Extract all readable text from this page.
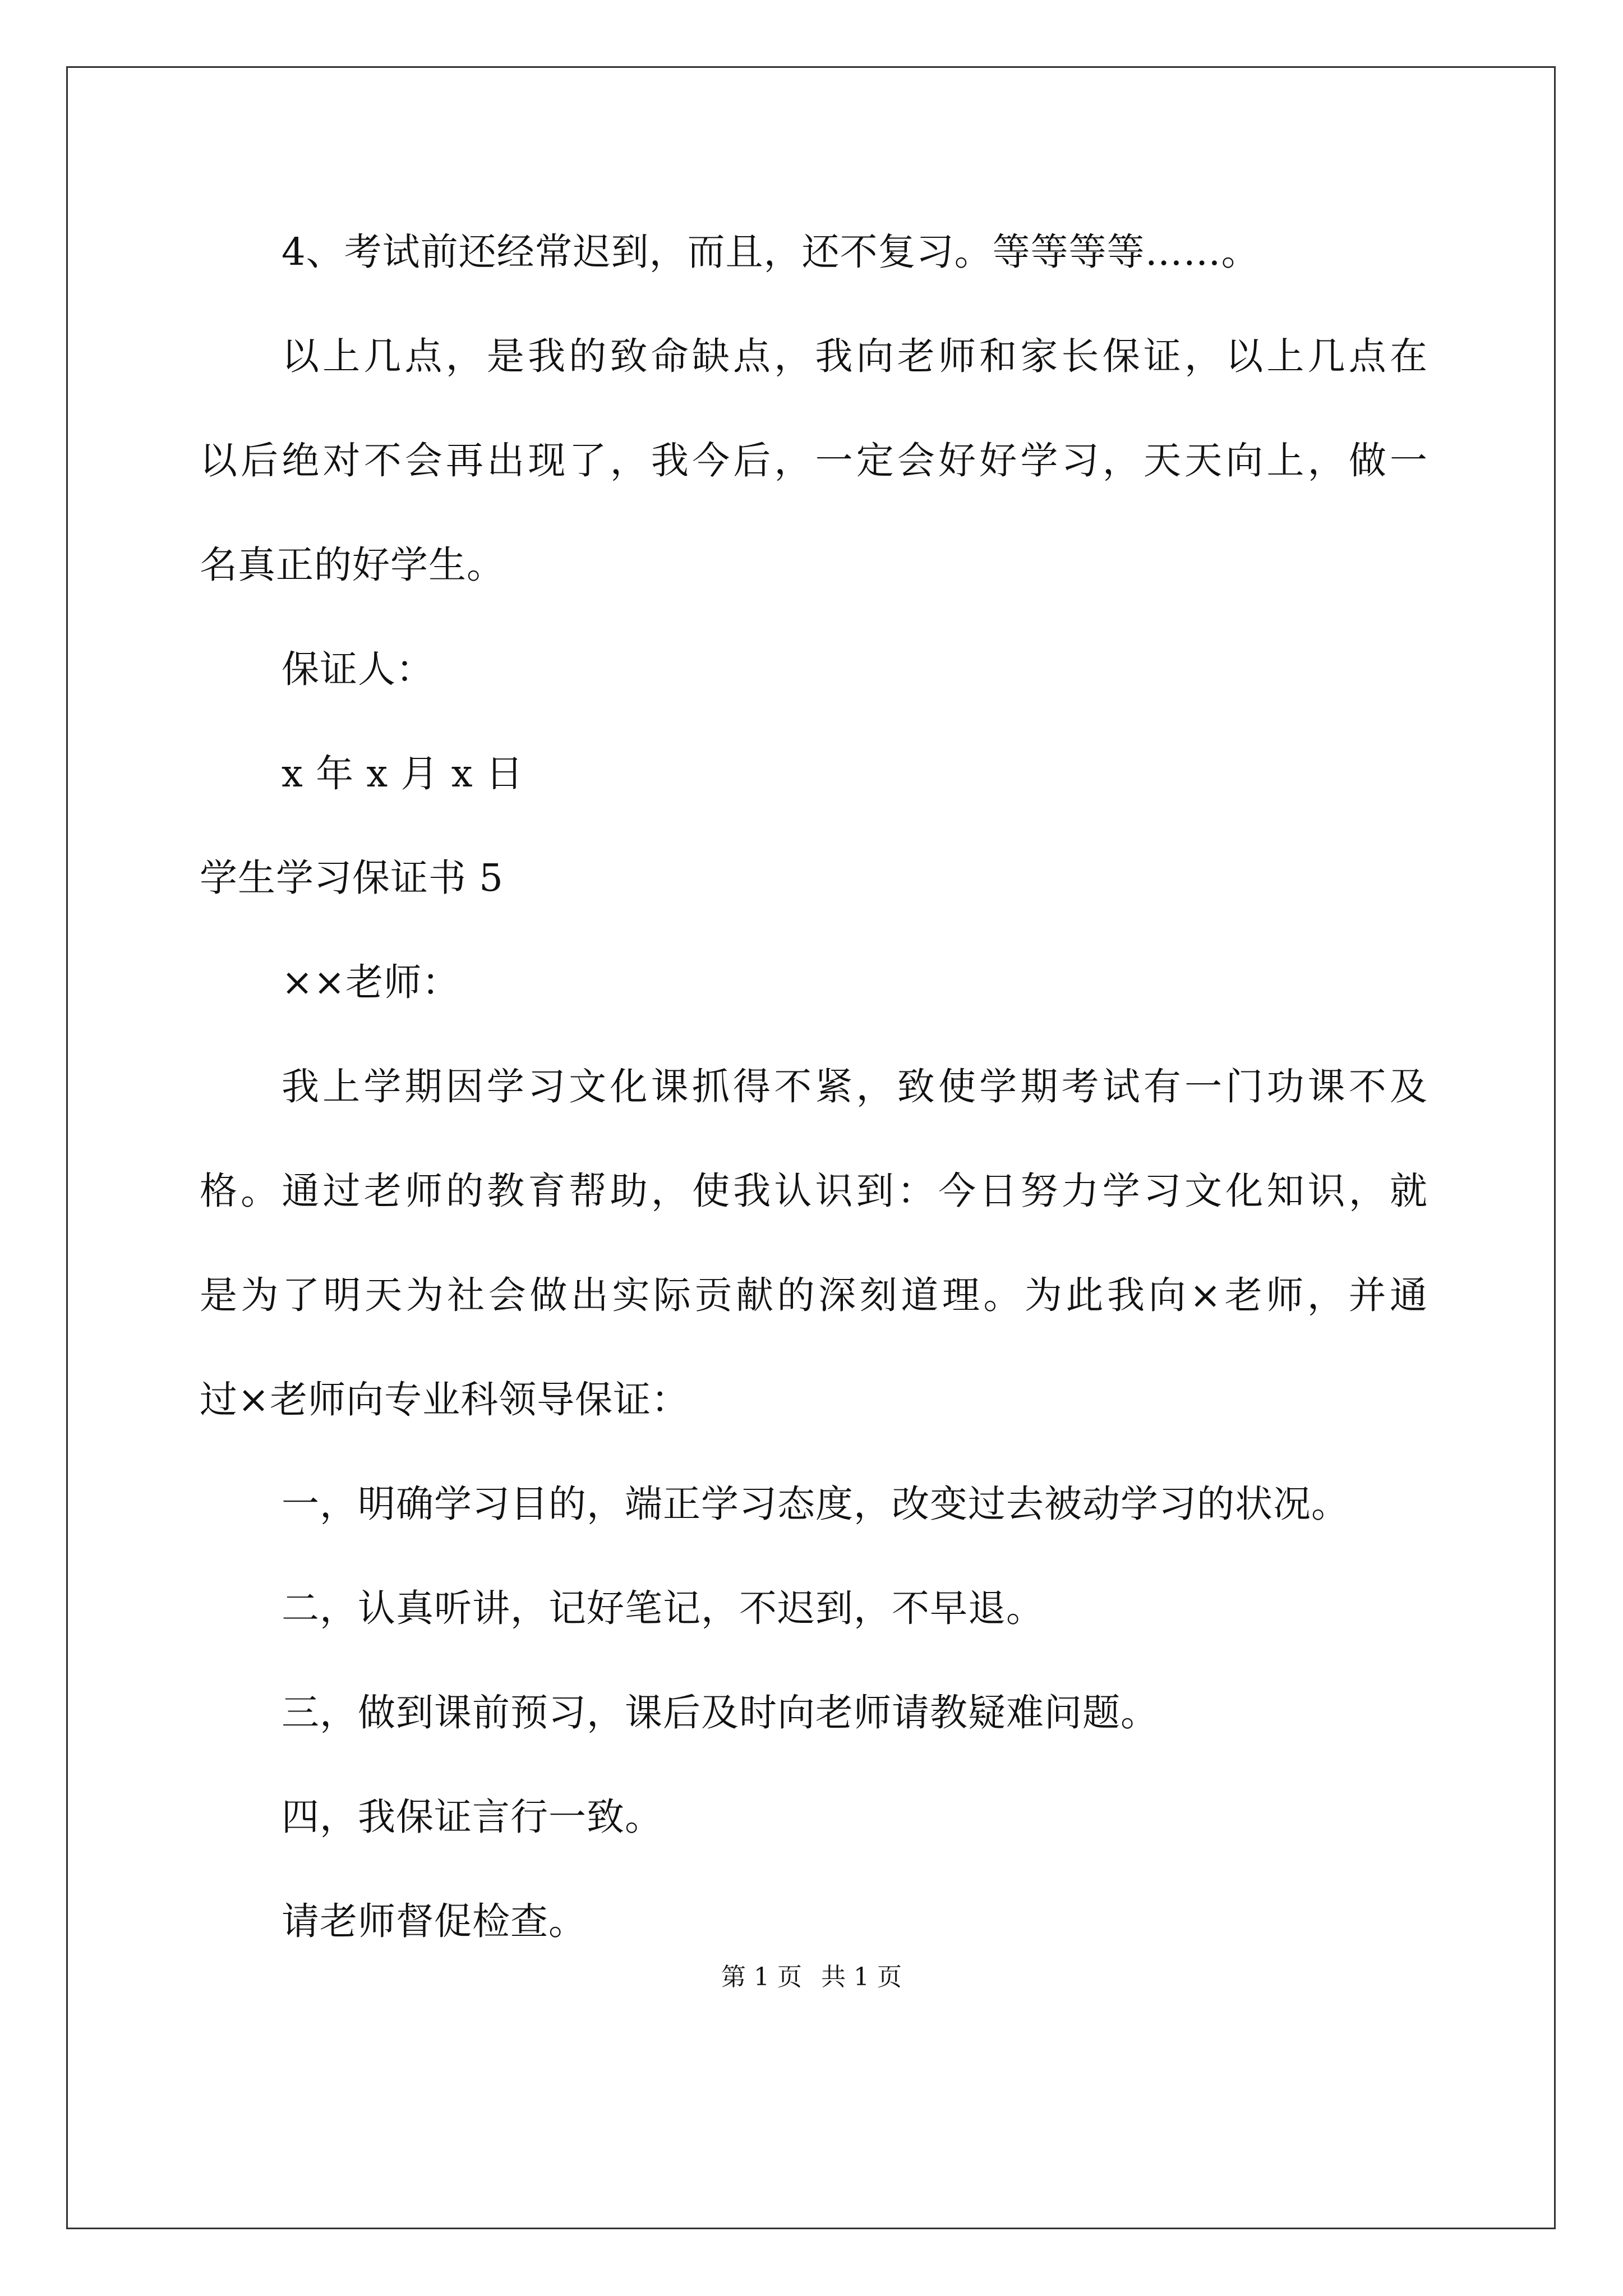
4、考试前还经常迟到，而且，还不复习。等等等等……。
以上几点，是我的致命缺点，我向老师和家长保证，以上几点在
以后绝对不会再出现了，我今后，一定会好好学习，天天向上，做一
名真正的好学生。
保证人：
x 年 x 月 x 日
学生学习保证书 5
××老师：
我上学期因学习文化课抓得不紧，致使学期考试有一门功课不及
格。通过老师的教育帮助，使我认识到：今日努力学习文化知识，就
是为了明天为社会做出实际贡献的深刻道理。为此我向×老师，并通
过×老师向专业科领导保证：
一，明确学习目的，端正学习态度，改变过去被动学习的状况。
二，认真听讲，记好笔记，不迟到，不早退。
三，做到课前预习，课后及时向老师请教疑难问题。
四，我保证言行一致。
请老师督促检查。
第 1 页 共 1 页
